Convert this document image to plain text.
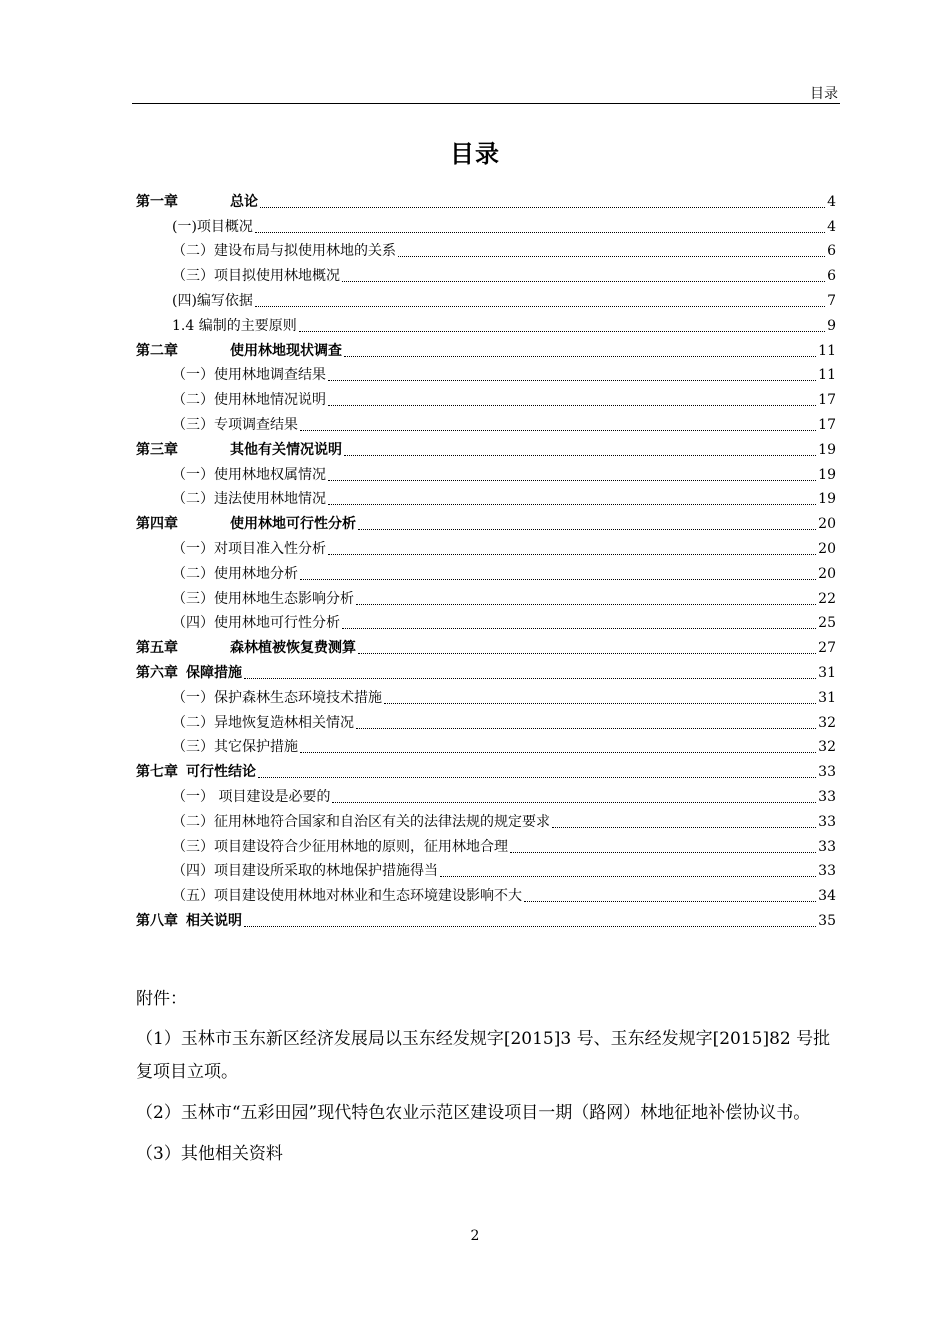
目录
目录
第一章	总论	4
(一)项目概况	4
（二）建设布局与拟使用林地的关系	6
（三）项目拟使用林地概况	6
(四)编写依据	7
1.4 编制的主要原则	9
第二章	使用林地现状调查	11
（一）使用林地调查结果	11
（二）使用林地情况说明	17
（三）专项调查结果	17
第三章	其他有关情况说明	19
（一）使用林地权属情况	19
（二）违法使用林地情况	19
第四章	使用林地可行性分析	20
（一）对项目准入性分析	20
（二）使用林地分析	20
（三）使用林地生态影响分析	22
（四）使用林地可行性分析	25
第五章	森林植被恢复费测算	27
第六章 保障措施	31
（一）保护森林生态环境技术措施	31
（二）异地恢复造林相关情况	32
（三）其它保护措施	32
第七章 可行性结论	33
（一） 项目建设是必要的	33
（二）征用林地符合国家和自治区有关的法律法规的规定要求	33
（三）项目建设符合少征用林地的原则，征用林地合理	33
（四）项目建设所采取的林地保护措施得当	33
（五）项目建设使用林地对林业和生态环境建设影响不大	34
第八章 相关说明	35

附件：

（1）玉林市玉东新区经济发展局以玉东经发规字[2015]3 号、玉东经发规字[2015]82 号批复项目立项。

（2）玉林市“五彩田园”现代特色农业示范区建设项目一期（路网）林地征地补偿协议书。

（3）其他相关资料

2
